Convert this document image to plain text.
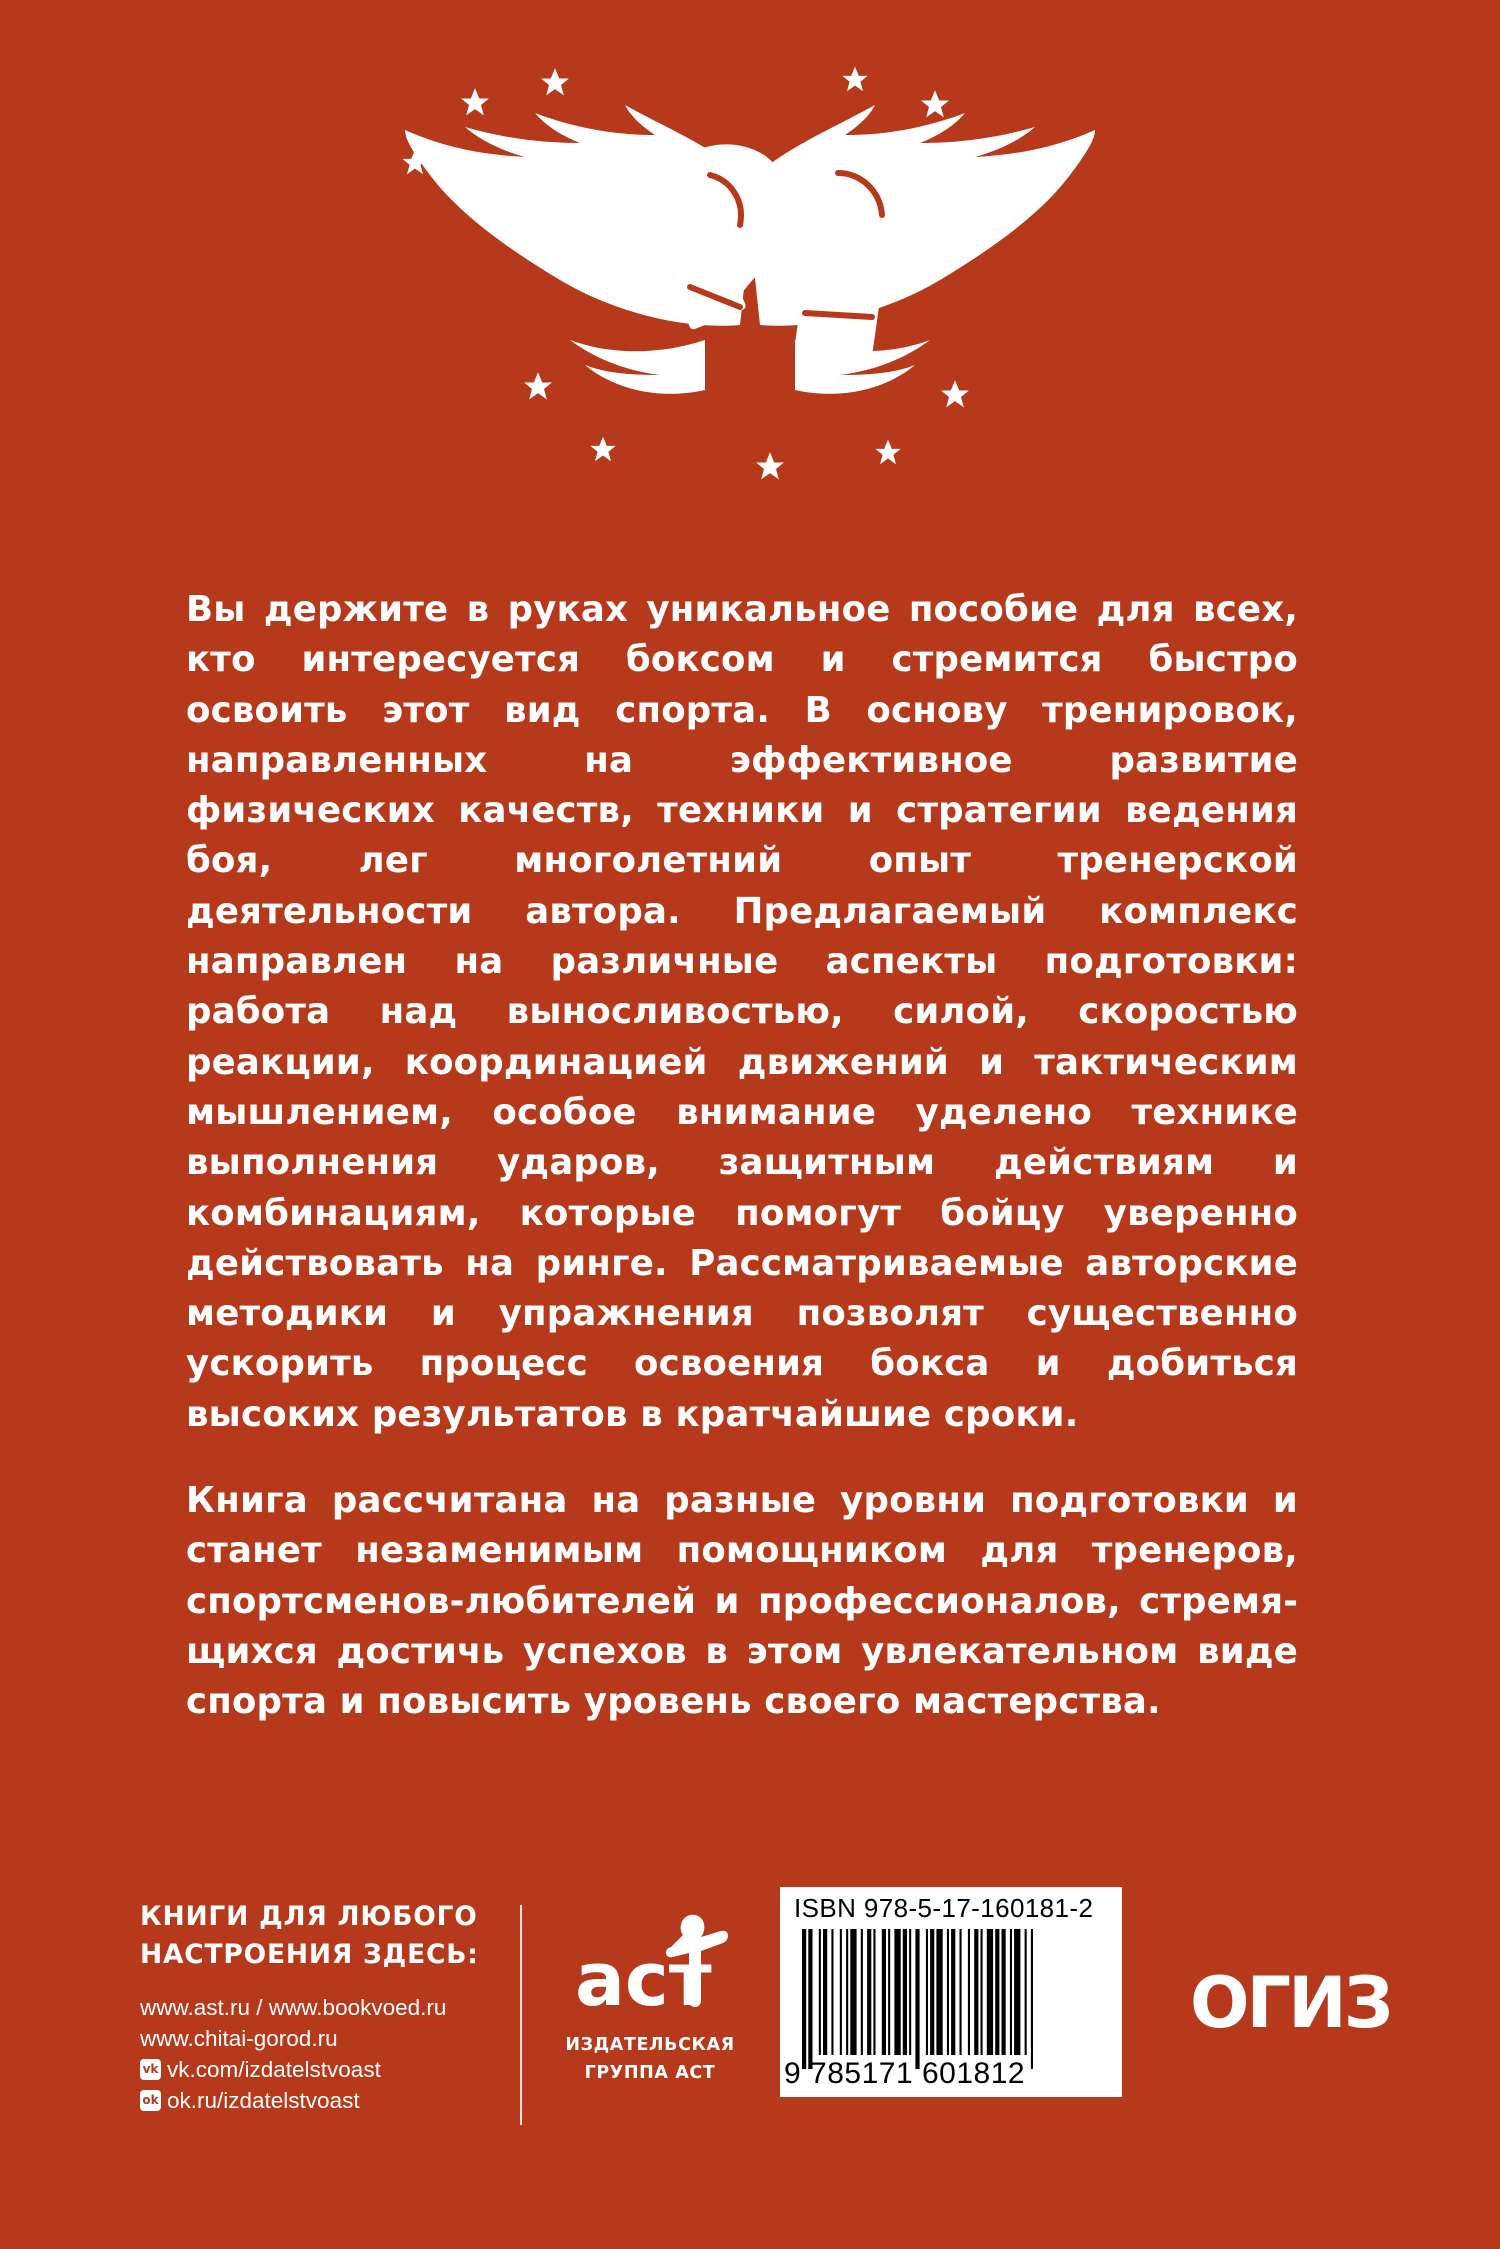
Вы держите в руках уникальное пособие для всех, кто интересуется боксом и стремится быстро освоить этот вид спорта. В основу тренировок, направленных на эффективное развитие физических качеств, техники и стратегии ведения боя, лег многолетний опыт тренерской деятельности автора. Предлагаемый комплекс направлен на различные аспекты подготовки: работа над выносливостью, силой, скоростью реакции, координацией движений и тактическим мышлением, особое внимание уделено технике выполнения ударов, защитным действиям и комбинациям, которые помогут бойцу уверенно действовать на ринге. Рассматриваемые авторские методики и упражнения позволят существенно ускорить процесс освоения бокса и добиться высоких результатов в кратчайшие сроки.

Книга рассчитана на разные уровни подготовки и станет незаменимым помощником для тренеров, спортсменов-любителей и профессионалов, стремящихся достичь успехов в этом увлекательном виде спорта и повысить уровень своего мастерства.

КНИГИ ДЛЯ ЛЮБОГО
НАСТРОЕНИЯ ЗДЕСЬ:
www.ast.ru / www.bookvoed.ru
www.chitai-gorod.ru
vk vk.com/izdatelstvoast
ok ok.ru/izdatelstvoast
аст
ИЗДАТЕЛЬСКАЯ
ГРУППА АСТ
ISBN 978-5-17-160181-2
9 785171 601812
ОГИЗ
